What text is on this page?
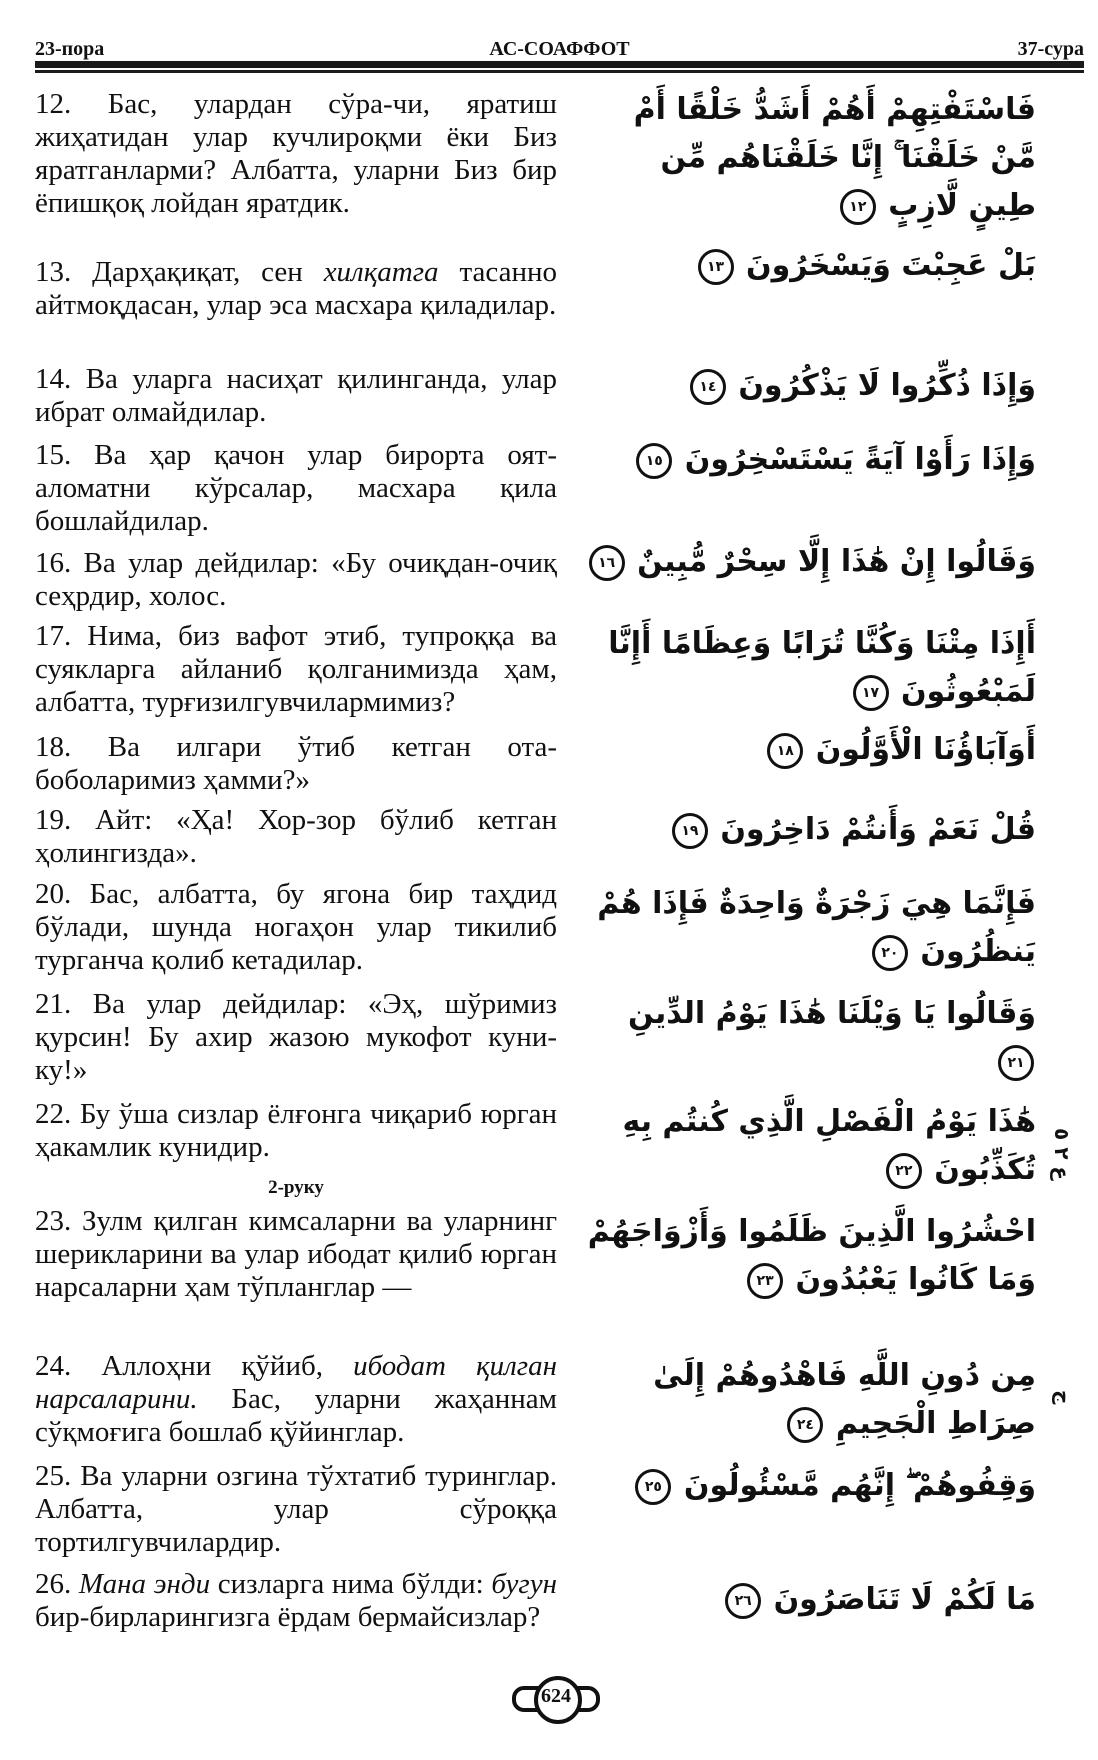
23-пора	АС-СОАФФОТ	37-сура
12. Бас, улардан сўра-чи, яратиш жиҳатидан улар кучлироқми ёки Биз яратганларми? Албатта, уларни Биз бир ёпишқоқ лойдан яратдик.
13. Дарҳақиқат, сен хилқатга тасанно айтмоқдасан, улар эса масхара қиладилар.
14. Ва уларга насиҳат қилинганда, улар ибрат олмайдилар.
15. Ва ҳар қачон улар бирорта оят-аломатни кўрсалар, масхара қила бошлайдилар.
16. Ва улар дейдилар: «Бу очиқдан-очиқ сеҳрдир, холос.
17. Нима, биз вафот этиб, тупроққа ва суякларга айланиб қолганимизда ҳам, албатта, турғизилгувчилармимиз?
18. Ва илгари ўтиб кетган ота-боболаримиз ҳамми?»
19. Айт: «Ҳа! Хор-зор бўлиб кетган ҳолингизда».
20. Бас, албатта, бу ягона бир таҳдид бўлади, шунда ногаҳон улар тикилиб турганча қолиб кетадилар.
21. Ва улар дейдилар: «Эҳ, шўримиз қурсин! Бу ахир жазою мукофот куни-ку!»
22. Бу ўша сизлар ёлғонга чиқариб юрган ҳакамлик кунидир.
2-руку
23. Зулм қилган кимсаларни ва уларнинг шерикларини ва улар ибодат қилиб юрган нарсаларни ҳам тўпланглар —
24. Аллоҳни қўйиб, ибодат қилган нарсаларини. Бас, уларни жаҳаннам сўқмоғига бошлаб қўйинглар.
25. Ва уларни озгина тўхтатиб туринглар. Албатта, улар сўроққа тортилгувчилардир.
26. Мана энди сизларга нима бўлди: бугун бир-бирларингизга ёрдам бермайсизлар?
فَاسْتَفْتِهِمْ أَهُمْ أَشَدُّ خَلْقًا أَمْ مَّنْ خَلَقْنَا ۚ إِنَّا خَلَقْنَاهُم مِّن طِينٍ لَّازِبٍ ١٢
بَلْ عَجِبْتَ وَيَسْخَرُونَ ١٣
وَإِذَا ذُكِّرُوا لَا يَذْكُرُونَ ١٤
وَإِذَا رَأَوْا آيَةً يَسْتَسْخِرُونَ ١٥
وَقَالُوا إِنْ هَٰذَا إِلَّا سِحْرٌ مُّبِينٌ ١٦
أَإِذَا مِتْنَا وَكُنَّا تُرَابًا وَعِظَامًا أَإِنَّا لَمَبْعُوثُونَ ١٧
أَوَآبَاؤُنَا الْأَوَّلُونَ ١٨
قُلْ نَعَمْ وَأَنتُمْ دَاخِرُونَ ١٩
فَإِنَّمَا هِيَ زَجْرَةٌ وَاحِدَةٌ فَإِذَا هُمْ يَنظُرُونَ ٢٠
وَقَالُوا يَا وَيْلَنَا هَٰذَا يَوْمُ الدِّينِ ٢١
هَٰذَا يَوْمُ الْفَصْلِ الَّذِي كُنتُم بِهِ تُكَذِّبُونَ ٢٢
احْشُرُوا الَّذِينَ ظَلَمُوا وَأَزْوَاجَهُمْ وَمَا كَانُوا يَعْبُدُونَ ٢٣
مِن دُونِ اللَّهِ فَاهْدُوهُمْ إِلَىٰ صِرَاطِ الْجَحِيمِ ٢٤
وَقِفُوهُمْ ۖ إِنَّهُم مَّسْئُولُونَ ٢٥
مَا لَكُمْ لَا تَنَاصَرُونَ ٢٦
ع ٢ ٥
ج
624
